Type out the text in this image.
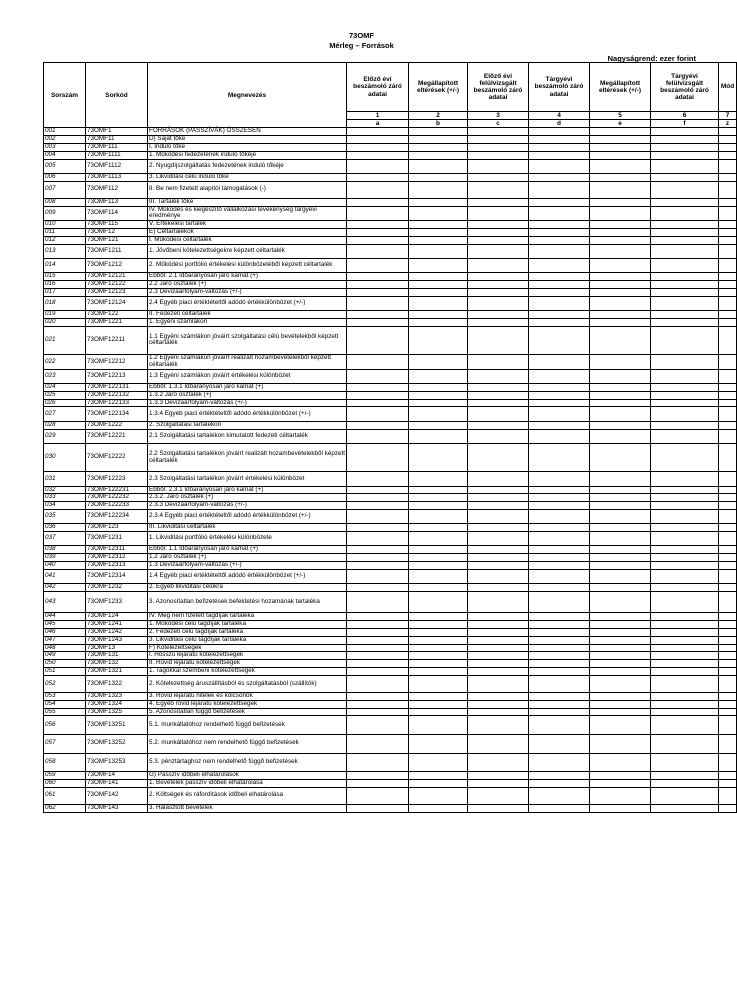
73OMF
Mérleg – Források
Nagyságrend: ezer forint
Sorszám	Sorkód	Megnevezés	Előző évi beszámoló záró adatai	Megállapított eltérések (+/-)	Előző évi felülvizsgált beszámoló záró adatai	Tárgyévi beszámoló záró adatai	Megállapított eltérések (+/-)	Tárgyévi felülvizsgált beszámoló záró adatai	Mód
			1	2	3	4	5	6	7
			a	b	c	d	e	f	z
001	73OMF1	FORRÁSOK (PASSZÍVÁK) ÖSSZESEN							
002	73OMF11	D) Saját tőke							
003	73OMF111	I. Induló tőke							
004	73OMF1111	1. Működési fedezetének induló tőkéje							
005	73OMF1112	2. Nyugdíjszolgáltatás fedezetének induló tőkéje							
006	73OMF1113	3. Likviditási célú induló tőke							
007	73OMF112	II. Be nem fizetett alapítói támogatások (-)							
008	73OMF113	III. Tartalék tőke							
009	73OMF114	IV. Működés és kiegészítő vállalkozási tevékenység tárgyévi eredménye							
010	73OMF115	V. Értékelési tartalék							
011	73OMF12	E) Céltartalékok							
012	73OMF121	I. Működési céltartalék							
013	73OMF1211	1. Jövőbeni kötelezettségekre képzett céltartalék							
014	73OMF1212	2. Működési portfólió értékelési különbözetéből képzett céltartalék							
015	73OMF12121	Ebből: 2.1 Időarányosan járó kamat (+)							
016	73OMF12122	2.2 Járó osztalék (+)							
017	73OMF12123	2.3 Devizaárfolyam-változás (+/-)							
018	73OMF12124	2.4 Egyéb piaci értéktételtől adódó értékkülönbözet (+/-)							
019	73OMF122	II. Fedezeti céltartalék							
020	73OMF1221	1. Egyéni számlákon							
021	73OMF12211	1.1 Egyéni számlákon jóváírt szolgáltatási célú bevételekből képzett céltartalék							
022	73OMF12212	1.2 Egyéni számlákon jóváírt realizált hozambevételekből képzett céltartalék							
023	73OMF12213	1.3 Egyéni számlákon jóváírt értékelési különbözet							
024	73OMF122131	Ebből: 1.3.1 Időarányosan járó kamat (+)							
025	73OMF122132	1.3.2 Járó osztalék (+)							
026	73OMF122133	1.3.3 Devizaárfolyam-változás (+/-)							
027	73OMF122134	1.3.4 Egyéb piaci értéktételtől adódó értékkülönbözet (+/-)							
028	73OMF1222	2. Szolgáltatási tartalékon							
029	73OMF12221	2.1 Szolgáltatási tartalékon kimutatott fedezeti céltartalék							
030	73OMF12222	2.2 Szolgáltatási tartalékon jóváírt realizált hozambevételekből képzett céltartalék							
031	73OMF12223	2.3 Szolgáltatási tartalékon jóváírt értékelési különbözet							
032	73OMF122231	Ebből: 2.3.1 Időarányosan járó kamat (+)							
033	73OMF122232	2.3.2. Járó osztalék (+)							
034	73OMF122233	2.3.3 Devizaárfolyam-változás (+/-)							
035	73OMF122234	2.3.4 Egyéb piaci értéktételtől adódó értékkülönbözet (+/-)							
036	73OMF123	III. Likviditási céltartalék							
037	73OMF1231	1. Likviditási portfólió értékelési különbözete							
038	73OMF12311	Ebből: 1.1 Időarányosan járó kamat (+)							
039	73OMF12312	1.2 Járó osztalék (+)							
040	73OMF12313	1.3 Devizaárfolyam-változás (+/-)							
041	73OMF12314	1.4 Egyéb piaci értéktételtől adódó értékkülönbözet (+/-)							
042	73OMF1232	2. Egyéb likviditási célokra							
043	73OMF1233	3. Azonosítatlan befizetések befektetési hozamának tartaléka							
044	73OMF124	IV. Meg nem fizetett tagdíjak tartaléka							
045	73OMF1241	1. Működési célú tagdíjak tartaléka							
046	73OMF1242	2. Fedezeti célú tagdíjak tartaléka							
047	73OMF1243	3. Likviditási célú tagdíjak tartaléka							
048	73OMF13	F) Kötelezettségek							
049	73OMF131	I. Hosszú lejáratú kötelezettségek							
050	73OMF132	II. Rövid lejáratú kötelezettségek							
051	73OMF1321	1. Tagokkal szembeni kötelezettségek							
052	73OMF1322	2. Kötelezettség áruszállításból és szolgáltatásból (szállítók)							
053	73OMF1323	3. Rövid lejáratú hitelek és kölcsönök							
054	73OMF1324	4. Egyéb rövid lejáratú kötelezettségek							
055	73OMF1325	5. Azonosítatlan függő befizetések							
056	73OMF13251	5.1. munkáltatóhoz rendelhető függő befizetések							
057	73OMF13252	5.2. munkáltatóhoz nem rendelhető függő befizetések							
058	73OMF13253	5.3. pénztártaghoz nem rendelhető függő befizetések							
059	73OMF14	G) Passzív időbeli elhatárolások							
060	73OMF141	1. Bevételek passzív időbeli elhatárolása							
061	73OMF142	2. Költségek és ráfordítások időbeli elhatárolása							
062	73OMF143	3. Halasztott bevételek							
